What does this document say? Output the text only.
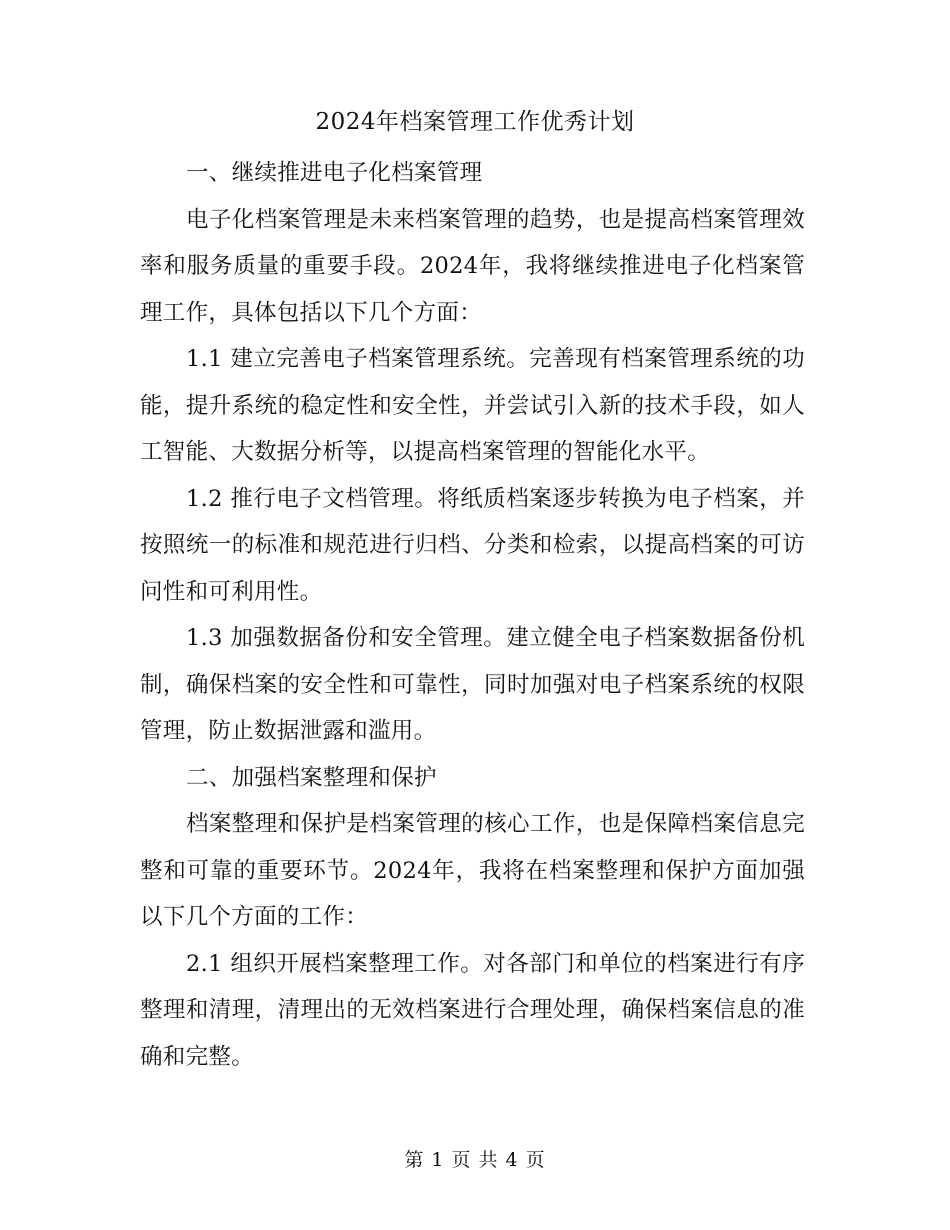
2024年档案管理工作优秀计划

一、继续推进电子化档案管理

电子化档案管理是未来档案管理的趋势，也是提高档案管理效率和服务质量的重要手段。2024年，我将继续推进电子化档案管理工作，具体包括以下几个方面：

1.1 建立完善电子档案管理系统。完善现有档案管理系统的功能，提升系统的稳定性和安全性，并尝试引入新的技术手段，如人工智能、大数据分析等，以提高档案管理的智能化水平。

1.2 推行电子文档管理。将纸质档案逐步转换为电子档案，并按照统一的标准和规范进行归档、分类和检索，以提高档案的可访问性和可利用性。

1.3 加强数据备份和安全管理。建立健全电子档案数据备份机制，确保档案的安全性和可靠性，同时加强对电子档案系统的权限管理，防止数据泄露和滥用。

二、加强档案整理和保护

档案整理和保护是档案管理的核心工作，也是保障档案信息完整和可靠的重要环节。2024年，我将在档案整理和保护方面加强以下几个方面的工作：

2.1 组织开展档案整理工作。对各部门和单位的档案进行有序整理和清理，清理出的无效档案进行合理处理，确保档案信息的准确和完整。

第 1 页 共 4 页
